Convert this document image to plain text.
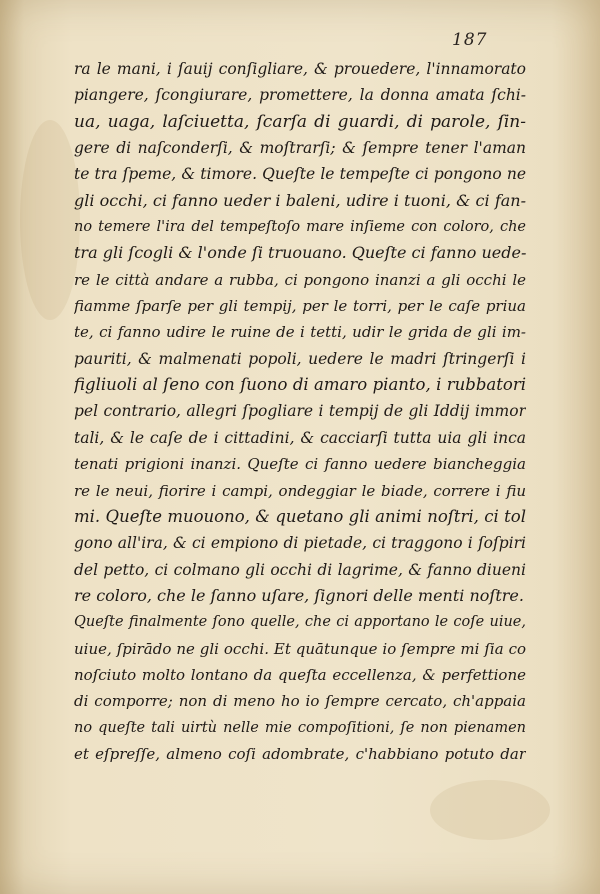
187
ra le mani, i ſauij conſigliare, & prouedere, l'innamorato
piangere, ſcongiurare, promettere, la donna amata ſchi-
ua, uaga, laſciuetta, ſcarſa di guardi, di parole, ſin-
gere di naſconderſi, & moſtrarſi; & ſempre tener l'aman
te tra ſpeme, & timore. Queſte le tempeſte ci pongono ne
gli occhi, ci fanno ueder i baleni, udire i tuoni, & ci fan-
no temere l'ira del tempeſtoſo mare inſieme con coloro, che
tra gli ſcogli & l'onde ſi truouano. Queſte ci fanno uede-
re le città andare a rubba, ci pongono inanzi a gli occhi le
fiamme ſparſe per gli tempij, per le torri, per le caſe priua
te, ci fanno udire le ruine de i tetti, udir le grida de gli im-
pauriti, & malmenati popoli, uedere le madri ſtringerſi i
figliuoli al ſeno con ſuono di amaro pianto, i rubbatori
pel contrario, allegri ſpogliare i tempij de gli Iddij immor
tali, & le caſe de i cittadini, & cacciarſi tutta uia gli inca
tenati prigioni inanzi. Queſte ci fanno uedere biancheggia
re le neui, fiorire i campi, ondeggiar le biade, correre i fiu
mi. Queſte muouono, & quetano gli animi noſtri, ci tol
gono all'ira, & ci empiono di pietade, ci traggono i ſoſpiri
del petto, ci colmano gli occhi di lagrime, & fanno diueni
re coloro, che le ſanno uſare, ſignori delle menti noſtre.
Queſte finalmente ſono quelle, che ci apportano le coſe uiue,
uiue, ſpirādo ne gli occhi. Et quātunque io ſempre mi ſia co
noſciuto molto lontano da queſta eccellenza, & perfettione
di comporre; non di meno ho io ſempre cercato, ch'appaia
no queſte tali uirtù nelle mie compoſitioni, ſe non pienamen
et eſpreſſe, almeno coſi adombrate, c'habbiano potuto dar
